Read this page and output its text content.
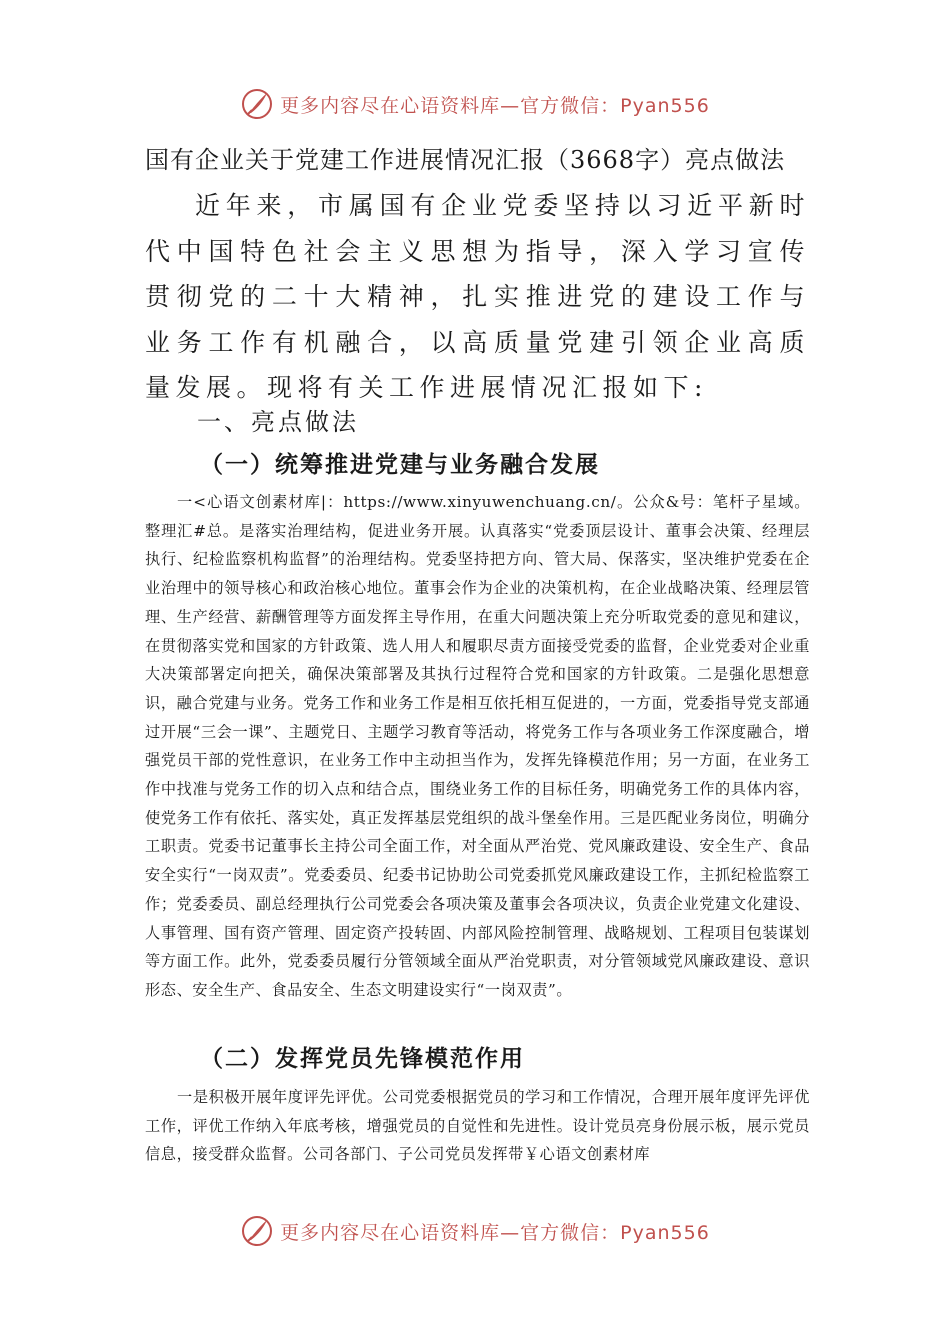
更多内容尽在心语资料库—官方微信：Pyan556
国有企业关于党建工作进展情况汇报（3668字）亮点做法

近年来，市属国有企业党委坚持以习近平新时代中国特色社会主义思想为指导，深入学习宣传贯彻党的二十大精神，扎实推进党的建设工作与业务工作有机融合，以高质量党建引领企业高质量发展。现将有关工作进展情况汇报如下:

一、亮点做法
（一）统筹推进党建与业务融合发展

一<心语文创素材库|：https://www.xinyuwenchuang.cn/。公众&号：笔杆子星域。整理汇#总。是落实治理结构，促进业务开展。认真落实“党委顶层设计、董事会决策、经理层执行、纪检监察机构监督”的治理结构。党委坚持把方向、管大局、保落实，坚决维护党委在企业治理中的领导核心和政治核心地位。董事会作为企业的决策机构，在企业战略决策、经理层管理、生产经营、薪酬管理等方面发挥主导作用，在重大问题决策上充分听取党委的意见和建议，在贯彻落实党和国家的方针政策、选人用人和履职尽责方面接受党委的监督，企业党委对企业重大决策部署定向把关，确保决策部署及其执行过程符合党和国家的方针政策。二是强化思想意识，融合党建与业务。党务工作和业务工作是相互依托相互促进的，一方面，党委指导党支部通过开展“三会一课”、主题党日、主题学习教育等活动，将党务工作与各项业务工作深度融合，增强党员干部的党性意识，在业务工作中主动担当作为，发挥先锋模范作用；另一方面，在业务工作中找准与党务工作的切入点和结合点，围绕业务工作的目标任务，明确党务工作的具体内容，使党务工作有依托、落实处，真正发挥基层党组织的战斗堡垒作用。三是匹配业务岗位，明确分工职责。党委书记董事长主持公司全面工作，对全面从严治党、党风廉政建设、安全生产、食品安全实行“一岗双责”。党委委员、纪委书记协助公司党委抓党风廉政建设工作，主抓纪检监察工作；党委委员、副总经理执行公司党委会各项决策及董事会各项决议，负责企业党建文化建设、人事管理、国有资产管理、固定资产投转固、内部风险控制管理、战略规划、工程项目包装谋划等方面工作。此外，党委委员履行分管领域全面从严治党职责，对分管领域党风廉政建设、意识形态、安全生产、食品安全、生态文明建设实行“一岗双责”。

（二）发挥党员先锋模范作用

一是积极开展年度评先评优。公司党委根据党员的学习和工作情况，合理开展年度评先评优工作，评优工作纳入年底考核，增强党员的自觉性和先进性。设计党员亮身份展示板，展示党员信息，接受群众监督。公司各部门、子公司党员发挥带￥心语文创素材库

更多内容尽在心语资料库—官方微信：Pyan556
